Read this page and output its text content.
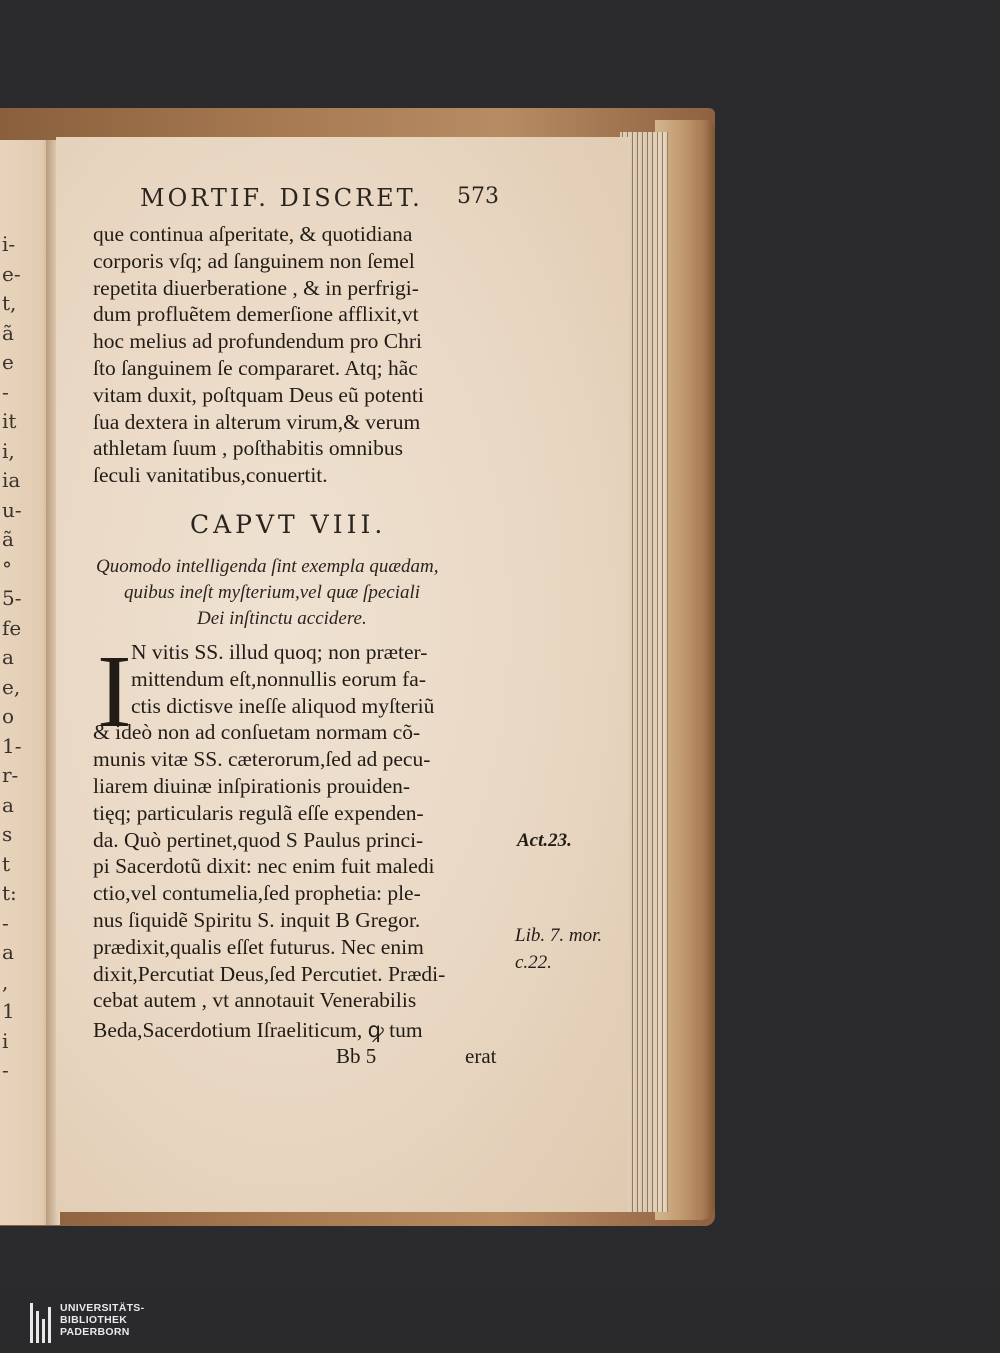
i-
e-
t,
ã
e
-
it
i,
ia
u-
ã
°
5-
fe
a
e,
o
1-
r-
a
s
t
t:
-
a
,
1
i
-
MORTIF. DISCRET. 573
que continua aſperitate, & quotidiana
corporis vſq; ad ſanguinem non ſemel
repetita diuerberatione , & in perfrigi-
dum profluẽtem demerſione afflixit,vt
hoc melius ad profundendum pro Chri
ſto ſanguinem ſe compararet. Atq; hãc
vitam duxit, poſtquam Deus eũ potenti
ſua dextera in alterum virum,& verum
athletam ſuum , poſthabitis omnibus
ſeculi vanitatibus,conuertit.
CAPVT VIII.
Quomodo intelligenda ſint exempla quædam,
quibus ineſt myſterium,vel quæ ſpeciali
Dei inſtinctu accidere.
I N vitis SS. illud quoq; non præter-
mittendum eſt,nonnullis eorum fa-
ctis dictisve ineſſe aliquod myſteriũ
& ideò non ad conſuetam normam cõ-
munis vitæ SS. cæterorum,ſed ad pecu-
liarem diuinæ inſpirationis prouiden-
tięq; particularis regulã eſſe expenden-
da. Quò pertinet,quod S Paulus princi-
pi Sacerdotũ dixit: nec enim fuit maledi
ctio,vel contumelia,ſed prophetia: ple-
nus ſiquidẽ Spiritu S. inquit B Gregor.
prædixit,qualis eſſet futurus. Nec enim
dixit,Percutiat Deus,ſed Percutiet. Prædi-
cebat autem , vt annotauit Venerabilis
Beda,Sacerdotium Iſraeliticum, ꝙ tum
Act.23.
Lib. 7. mor.
c.22.
Bb 5	erat
UNIVERSITÄTS-
BIBLIOTHEK
PADERBORN
